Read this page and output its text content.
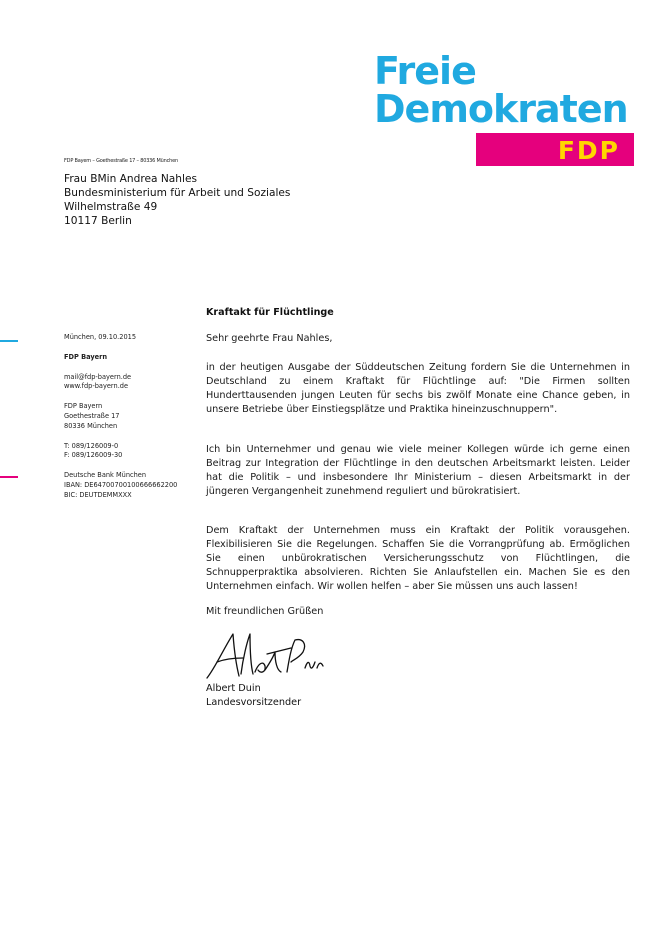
Freie
Demokraten
FDP
FDP Bayern – Goethestraße 17 – 80336 München
Frau BMin Andrea Nahles
Bundesministerium für Arbeit und Soziales
Wilhelmstraße 49
10117 Berlin
München, 09.10.2015
FDP Bayern
mail@fdp-bayern.de
www.fdp-bayern.de
FDP Bayern
Goethestraße 17
80336 München
T: 089/126009-0
F: 089/126009-30
Deutsche Bank München
IBAN: DE64700700100666662200
BIC: DEUTDEMMXXX
Kraftakt für Flüchtlinge
Sehr geehrte Frau Nahles,
in der heutigen Ausgabe der Süddeutschen Zeitung fordern Sie die Unternehmen in Deutschland zu einem Kraftakt für Flüchtlinge auf: "Die Firmen sollten Hunderttausenden jungen Leuten für sechs bis zwölf Monate eine Chance geben, in unsere Betriebe über Einstiegsplätze und Praktika hineinzuschnuppern".
Ich bin Unternehmer und genau wie viele meiner Kollegen würde ich gerne einen Beitrag zur Integration der Flüchtlinge in den deutschen Arbeitsmarkt leisten. Leider hat die Politik – und insbesondere Ihr Ministerium – diesen Arbeitsmarkt in der jüngeren Vergangenheit zunehmend reguliert und bürokratisiert.
Dem Kraftakt der Unternehmen muss ein Kraftakt der Politik vorausgehen. Flexibilisieren Sie die Regelungen. Schaffen Sie die Vorrangprüfung ab. Ermöglichen Sie einen unbürokratischen Versicherungsschutz von Flüchtlingen, die Schnupperpraktika absolvieren. Richten Sie Anlaufstellen ein. Machen Sie es den Unternehmen einfach. Wir wollen helfen – aber Sie müssen uns auch lassen!
Mit freundlichen Grüßen
Albert Duin
Landesvorsitzender
